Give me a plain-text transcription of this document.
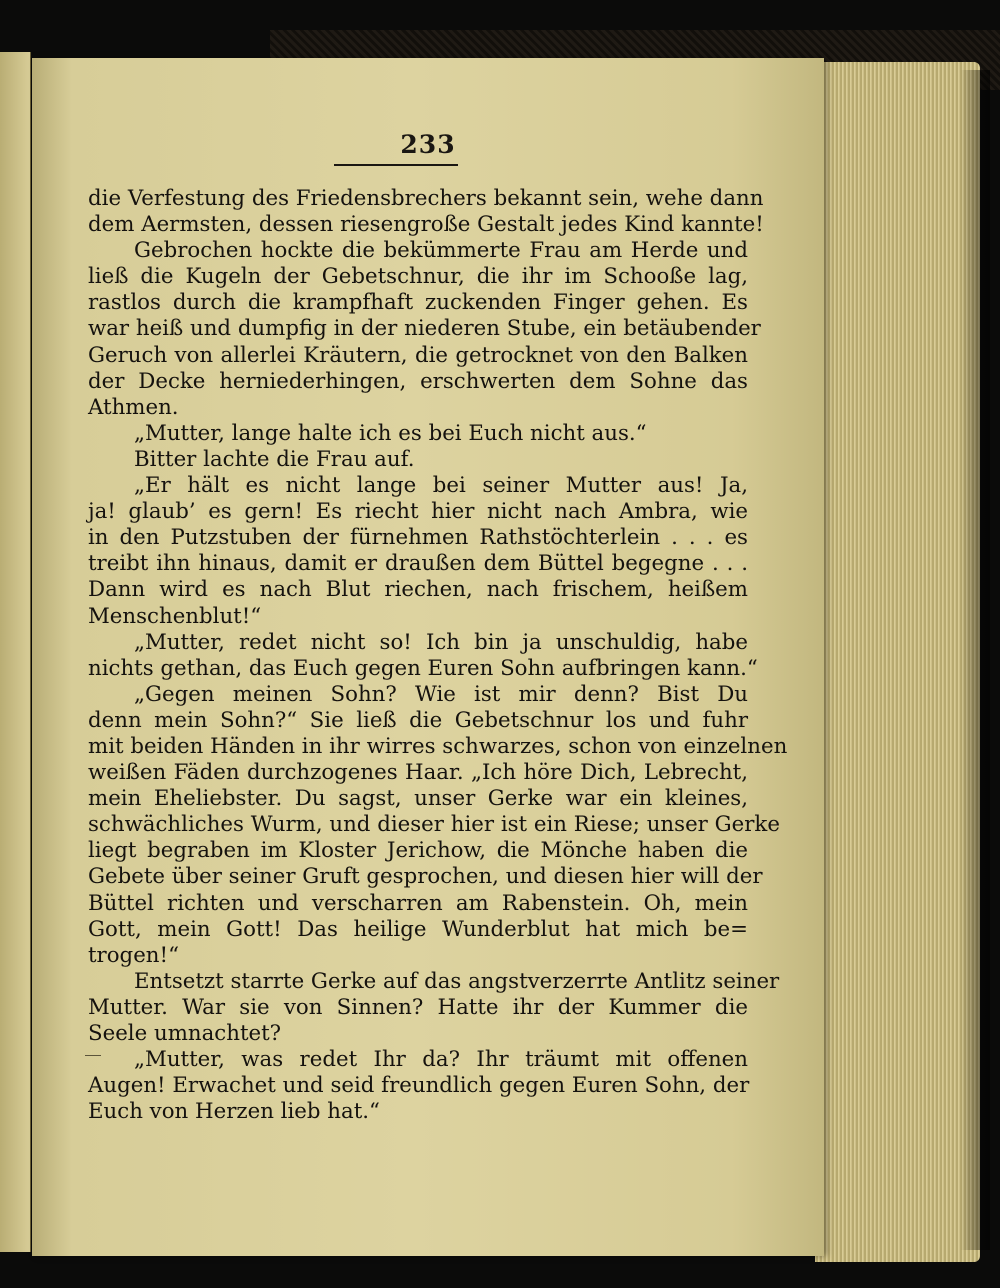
233
die Verfestung des Friedensbrechers bekannt sein, wehe dann
dem Aermsten, dessen riesengroße Gestalt jedes Kind kannte!
Gebrochen hockte die bekümmerte Frau am Herde und
ließ die Kugeln der Gebetschnur, die ihr im Schooße lag,
rastlos durch die krampfhaft zuckenden Finger gehen. Es
war heiß und dumpfig in der niederen Stube, ein betäubender
Geruch von allerlei Kräutern, die getrocknet von den Balken
der Decke herniederhingen, erschwerten dem Sohne das
Athmen.
„Mutter, lange halte ich es bei Euch nicht aus.“
Bitter lachte die Frau auf.
„Er hält es nicht lange bei seiner Mutter aus! Ja,
ja! glaub’ es gern! Es riecht hier nicht nach Ambra, wie
in den Putzstuben der fürnehmen Rathstöchterlein . . . es
treibt ihn hinaus, damit er draußen dem Büttel begegne . . .
Dann wird es nach Blut riechen, nach frischem, heißem
Menschenblut!“
„Mutter, redet nicht so! Ich bin ja unschuldig, habe
nichts gethan, das Euch gegen Euren Sohn aufbringen kann.“
„Gegen meinen Sohn? Wie ist mir denn? Bist Du
denn mein Sohn?“ Sie ließ die Gebetschnur los und fuhr
mit beiden Händen in ihr wirres schwarzes, schon von einzelnen
weißen Fäden durchzogenes Haar. „Ich höre Dich, Lebrecht,
mein Eheliebster. Du sagst, unser Gerke war ein kleines,
schwächliches Wurm, und dieser hier ist ein Riese; unser Gerke
liegt begraben im Kloster Jerichow, die Mönche haben die
Gebete über seiner Gruft gesprochen, und diesen hier will der
Büttel richten und verscharren am Rabenstein. Oh, mein
Gott, mein Gott! Das heilige Wunderblut hat mich be=
trogen!“
Entsetzt starrte Gerke auf das angstverzerrte Antlitz seiner
Mutter. War sie von Sinnen? Hatte ihr der Kummer die
Seele umnachtet?
„Mutter, was redet Ihr da? Ihr träumt mit offenen
Augen! Erwachet und seid freundlich gegen Euren Sohn, der
Euch von Herzen lieb hat.“
